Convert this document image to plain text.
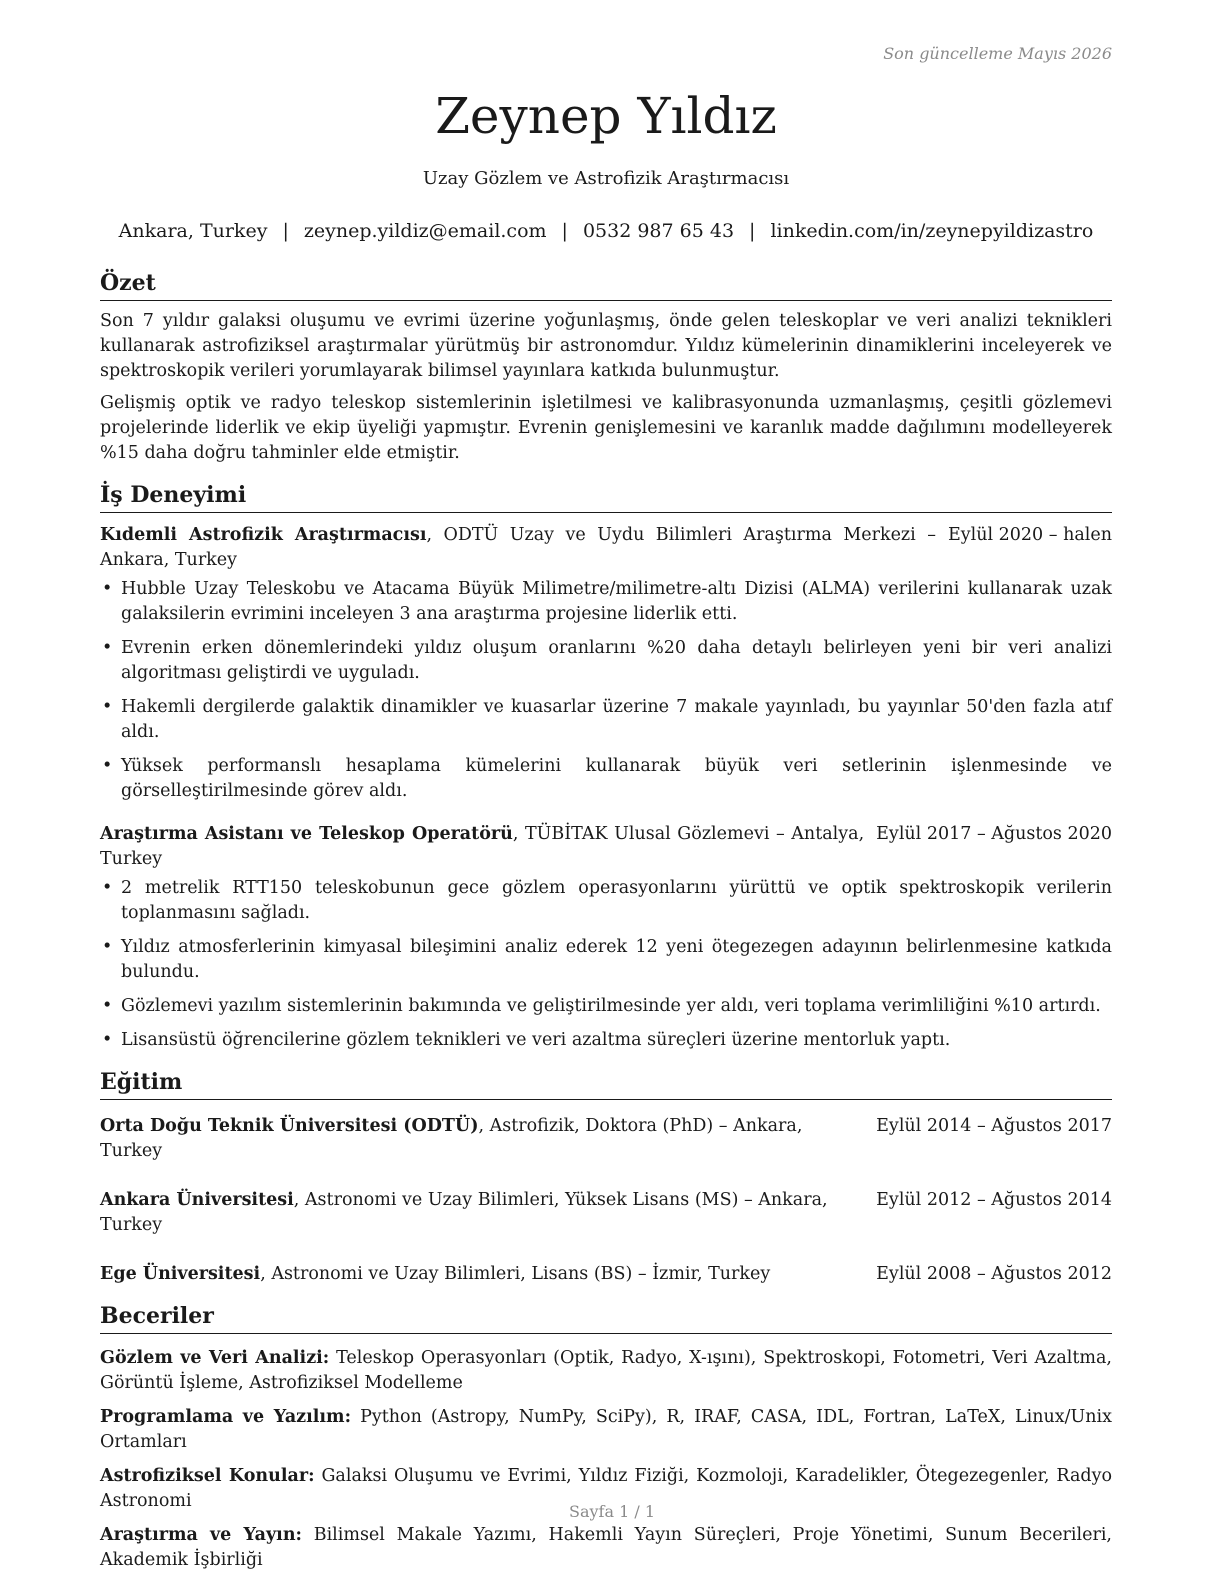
Son güncelleme Mayıs 2026
Zeynep Yıldız
Uzay Gözlem ve Astrofizik Araştırmacısı
Ankara, Turkey | zeynep.yildiz@email.com | 0532 987 65 43 | linkedin.com/in/zeynepyildizastro
Özet

Son 7 yıldır galaksi oluşumu ve evrimi üzerine yoğunlaşmış, önde gelen teleskoplar ve veri analizi teknikleri kullanarak astrofiziksel araştırmalar yürütmüş bir astronomdur. Yıldız kümelerinin dinamiklerini inceleyerek ve spektroskopik verileri yorumlayarak bilimsel yayınlara katkıda bulunmuştur.

Gelişmiş optik ve radyo teleskop sistemlerinin işletilmesi ve kalibrasyonunda uzmanlaşmış, çeşitli gözlemevi projelerinde liderlik ve ekip üyeliği yapmıştır. Evrenin genişlemesini ve karanlık madde dağılımını modelleyerek %15 daha doğru tahminler elde etmiştir.

İş Deneyimi
Kıdemli Astrofizik Araştırmacısı, ODTÜ Uzay ve Uydu Bilimleri Araştırma Merkezi – Ankara, Turkey
Eylül 2020 – halen
• Hubble Uzay Teleskobu ve Atacama Büyük Milimetre/milimetre-altı Dizisi (ALMA) verilerini kullanarak uzak galaksilerin evrimini inceleyen 3 ana araştırma projesine liderlik etti.
• Evrenin erken dönemlerindeki yıldız oluşum oranlarını %20 daha detaylı belirleyen yeni bir veri analizi algoritması geliştirdi ve uyguladı.
• Hakemli dergilerde galaktik dinamikler ve kuasarlar üzerine 7 makale yayınladı, bu yayınlar 50'den fazla atıf aldı.
• Yüksek performanslı hesaplama kümelerini kullanarak büyük veri setlerinin işlenmesinde ve görselleştirilmesinde görev aldı.
Araştırma Asistanı ve Teleskop Operatörü, TÜBİTAK Ulusal Gözlemevi – Antalya, Turkey
Eylül 2017 – Ağustos 2020
• 2 metrelik RTT150 teleskobunun gece gözlem operasyonlarını yürüttü ve optik spektroskopik verilerin toplanmasını sağladı.
• Yıldız atmosferlerinin kimyasal bileşimini analiz ederek 12 yeni ötegezegen adayının belirlenmesine katkıda bulundu.
• Gözlemevi yazılım sistemlerinin bakımında ve geliştirilmesinde yer aldı, veri toplama verimliliğini %10 artırdı.
• Lisansüstü öğrencilerine gözlem teknikleri ve veri azaltma süreçleri üzerine mentorluk yaptı.
Eğitim
Orta Doğu Teknik Üniversitesi (ODTÜ), Astrofizik, Doktora (PhD) – Ankara, Turkey
Eylül 2014 – Ağustos 2017
Ankara Üniversitesi, Astronomi ve Uzay Bilimleri, Yüksek Lisans (MS) – Ankara, Turkey
Eylül 2012 – Ağustos 2014
Ege Üniversitesi, Astronomi ve Uzay Bilimleri, Lisans (BS) – İzmir, Turkey	Eylül 2008 – Ağustos 2012
Beceriler
Gözlem ve Veri Analizi: Teleskop Operasyonları (Optik, Radyo, X-ışını), Spektroskopi, Fotometri, Veri Azaltma, Görüntü İşleme, Astrofiziksel Modelleme
Programlama ve Yazılım: Python (Astropy, NumPy, SciPy), R, IRAF, CASA, IDL, Fortran, LaTeX, Linux/Unix Ortamları
Astrofiziksel Konular: Galaksi Oluşumu ve Evrimi, Yıldız Fiziği, Kozmoloji, Karadelikler, Ötegezegenler, Radyo Astronomi
Araştırma ve Yayın: Bilimsel Makale Yazımı, Hakemli Yayın Süreçleri, Proje Yönetimi, Sunum Becerileri, Akademik İşbirliği
Sayfa 1 / 1
